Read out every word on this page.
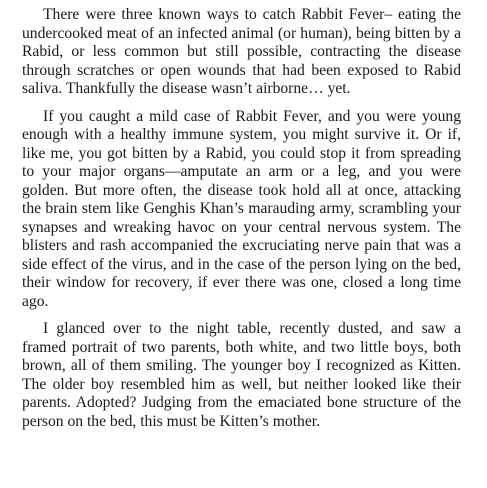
There were three known ways to catch Rabbit Fever– eating the undercooked meat of an infected animal (or human), being bitten by a Rabid, or less common but still possible, contracting the disease through scratches or open wounds that had been exposed to Rabid saliva. Thankfully the disease wasn’t airborne… yet.

If you caught a mild case of Rabbit Fever, and you were young enough with a healthy immune system, you might survive it. Or if, like me, you got bitten by a Rabid, you could stop it from spreading to your major organs—amputate an arm or a leg, and you were golden. But more often, the disease took hold all at once, attacking the brain stem like Genghis Khan’s marauding army, scrambling your synapses and wreaking havoc on your central nervous system. The blisters and rash accompanied the excruciating nerve pain that was a side effect of the virus, and in the case of the person lying on the bed, their window for recovery, if ever there was one, closed a long time ago.

I glanced over to the night table, recently dusted, and saw a framed portrait of two parents, both white, and two little boys, both brown, all of them smiling. The younger boy I recognized as Kitten. The older boy resembled him as well, but neither looked like their parents. Adopted? Judging from the emaciated bone structure of the person on the bed, this must be Kitten’s mother.
